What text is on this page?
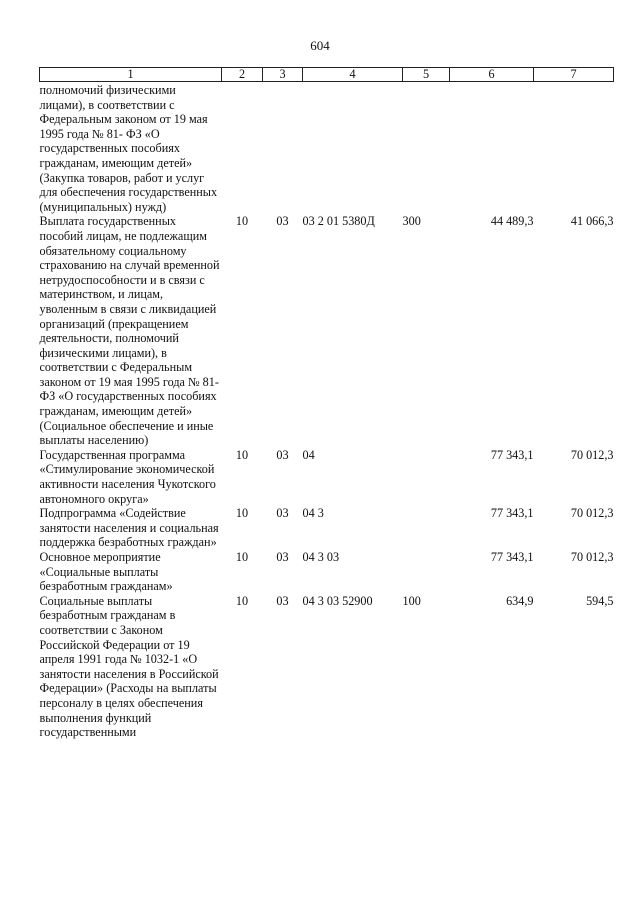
604
1	2	3	4	5	6	7
полномочий физическими лицами), в соответствии с Федеральным законом от 19 мая 1995 года № 81- ФЗ «О государственных пособиях гражданам, имеющим детей» (Закупка товаров, работ и услуг для обеспечения государственных (муниципальных) нужд)						
Выплата государственных пособий лицам, не подлежащим обязательному социальному страхованию на случай временной нетрудоспособности и в связи с материнством, и лицам, уволенным в связи с ликвидацией организаций (прекращением деятельности, полномочий физическими лицами), в соответствии с Федеральным законом от 19 мая 1995 года № 81- ФЗ «О государственных пособиях гражданам, имеющим детей» (Социальное обеспечение и иные выплаты населению)	10	03	03 2 01 5380Д	300	44 489,3	41 066,3
Государственная программа «Стимулирование экономической активности населения Чукотского автономного округа»	10	03	04		77 343,1	70 012,3
Подпрограмма «Содействие занятости населения и социальная поддержка безработных граждан»	10	03	04 3		77 343,1	70 012,3
Основное мероприятие «Социальные выплаты безработным гражданам»	10	03	04 3 03		77 343,1	70 012,3
Социальные выплаты безработным гражданам в соответствии с Законом Российской Федерации от 19 апреля 1991 года № 1032-1 «О занятости населения в Российской Федерации» (Расходы на выплаты персоналу в целях обеспечения выполнения функций государственными	10	03	04 3 03 52900	100	634,9	594,5
